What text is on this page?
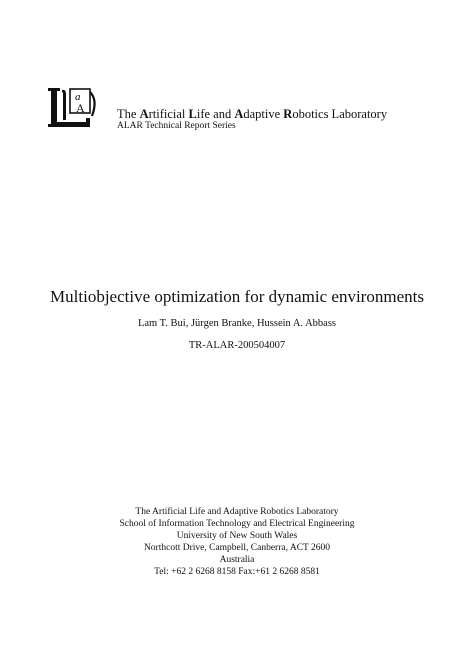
a
A	The Artificial Life and Adaptive Robotics Laboratory
ALAR Technical Report Series
Multiobjective optimization for dynamic environments
Lam T. Bui, Jürgen Branke, Hussein A. Abbass
TR-ALAR-200504007
The Artificial Life and Adaptive Robotics Laboratory
School of Information Technology and Electrical Engineering
University of New South Wales
Northcott Drive, Campbell, Canberra, ACT 2600
Australia
Tel: +62 2 6268 8158 Fax:+61 2 6268 8581
